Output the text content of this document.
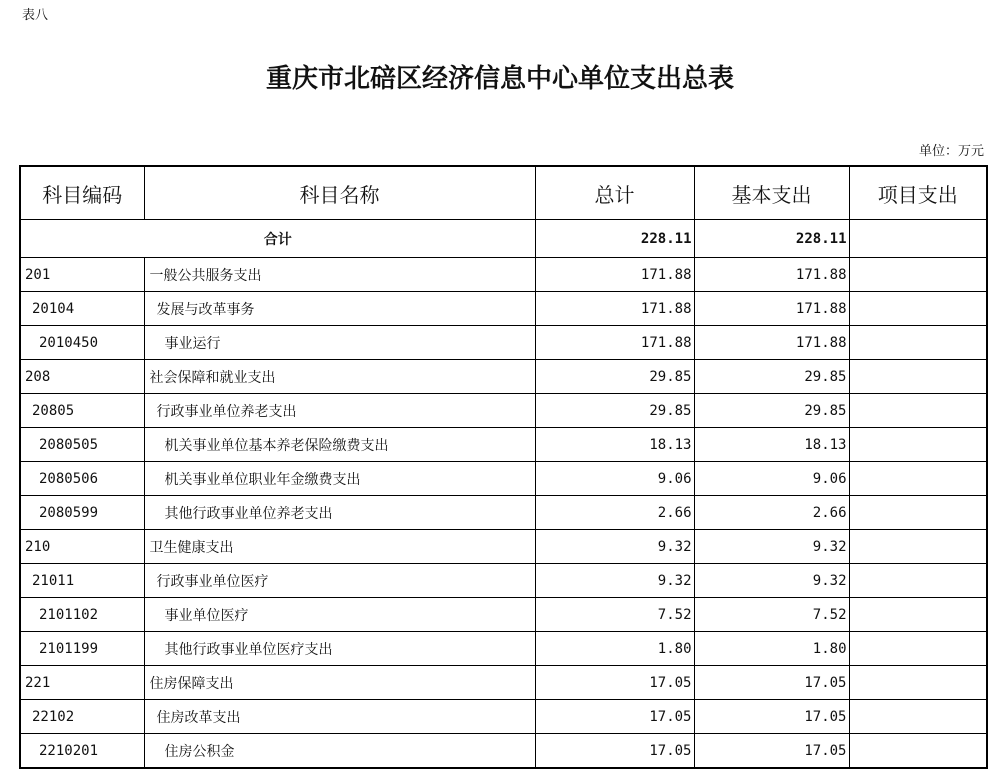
表八
重庆市北碚区经济信息中心单位支出总表
单位：万元
科目编码	科目名称	总计	基本支出	项目支出
合计		228.11	228.11	
201	一般公共服务支出	171.88	171.88	
20104	发展与改革事务	171.88	171.88	
2010450	事业运行	171.88	171.88	
208	社会保障和就业支出	29.85	29.85	
20805	行政事业单位养老支出	29.85	29.85	
2080505	机关事业单位基本养老保险缴费支出	18.13	18.13	
2080506	机关事业单位职业年金缴费支出	9.06	9.06	
2080599	其他行政事业单位养老支出	2.66	2.66	
210	卫生健康支出	9.32	9.32	
21011	行政事业单位医疗	9.32	9.32	
2101102	事业单位医疗	7.52	7.52	
2101199	其他行政事业单位医疗支出	1.80	1.80	
221	住房保障支出	17.05	17.05	
22102	住房改革支出	17.05	17.05	
2210201	住房公积金	17.05	17.05	
